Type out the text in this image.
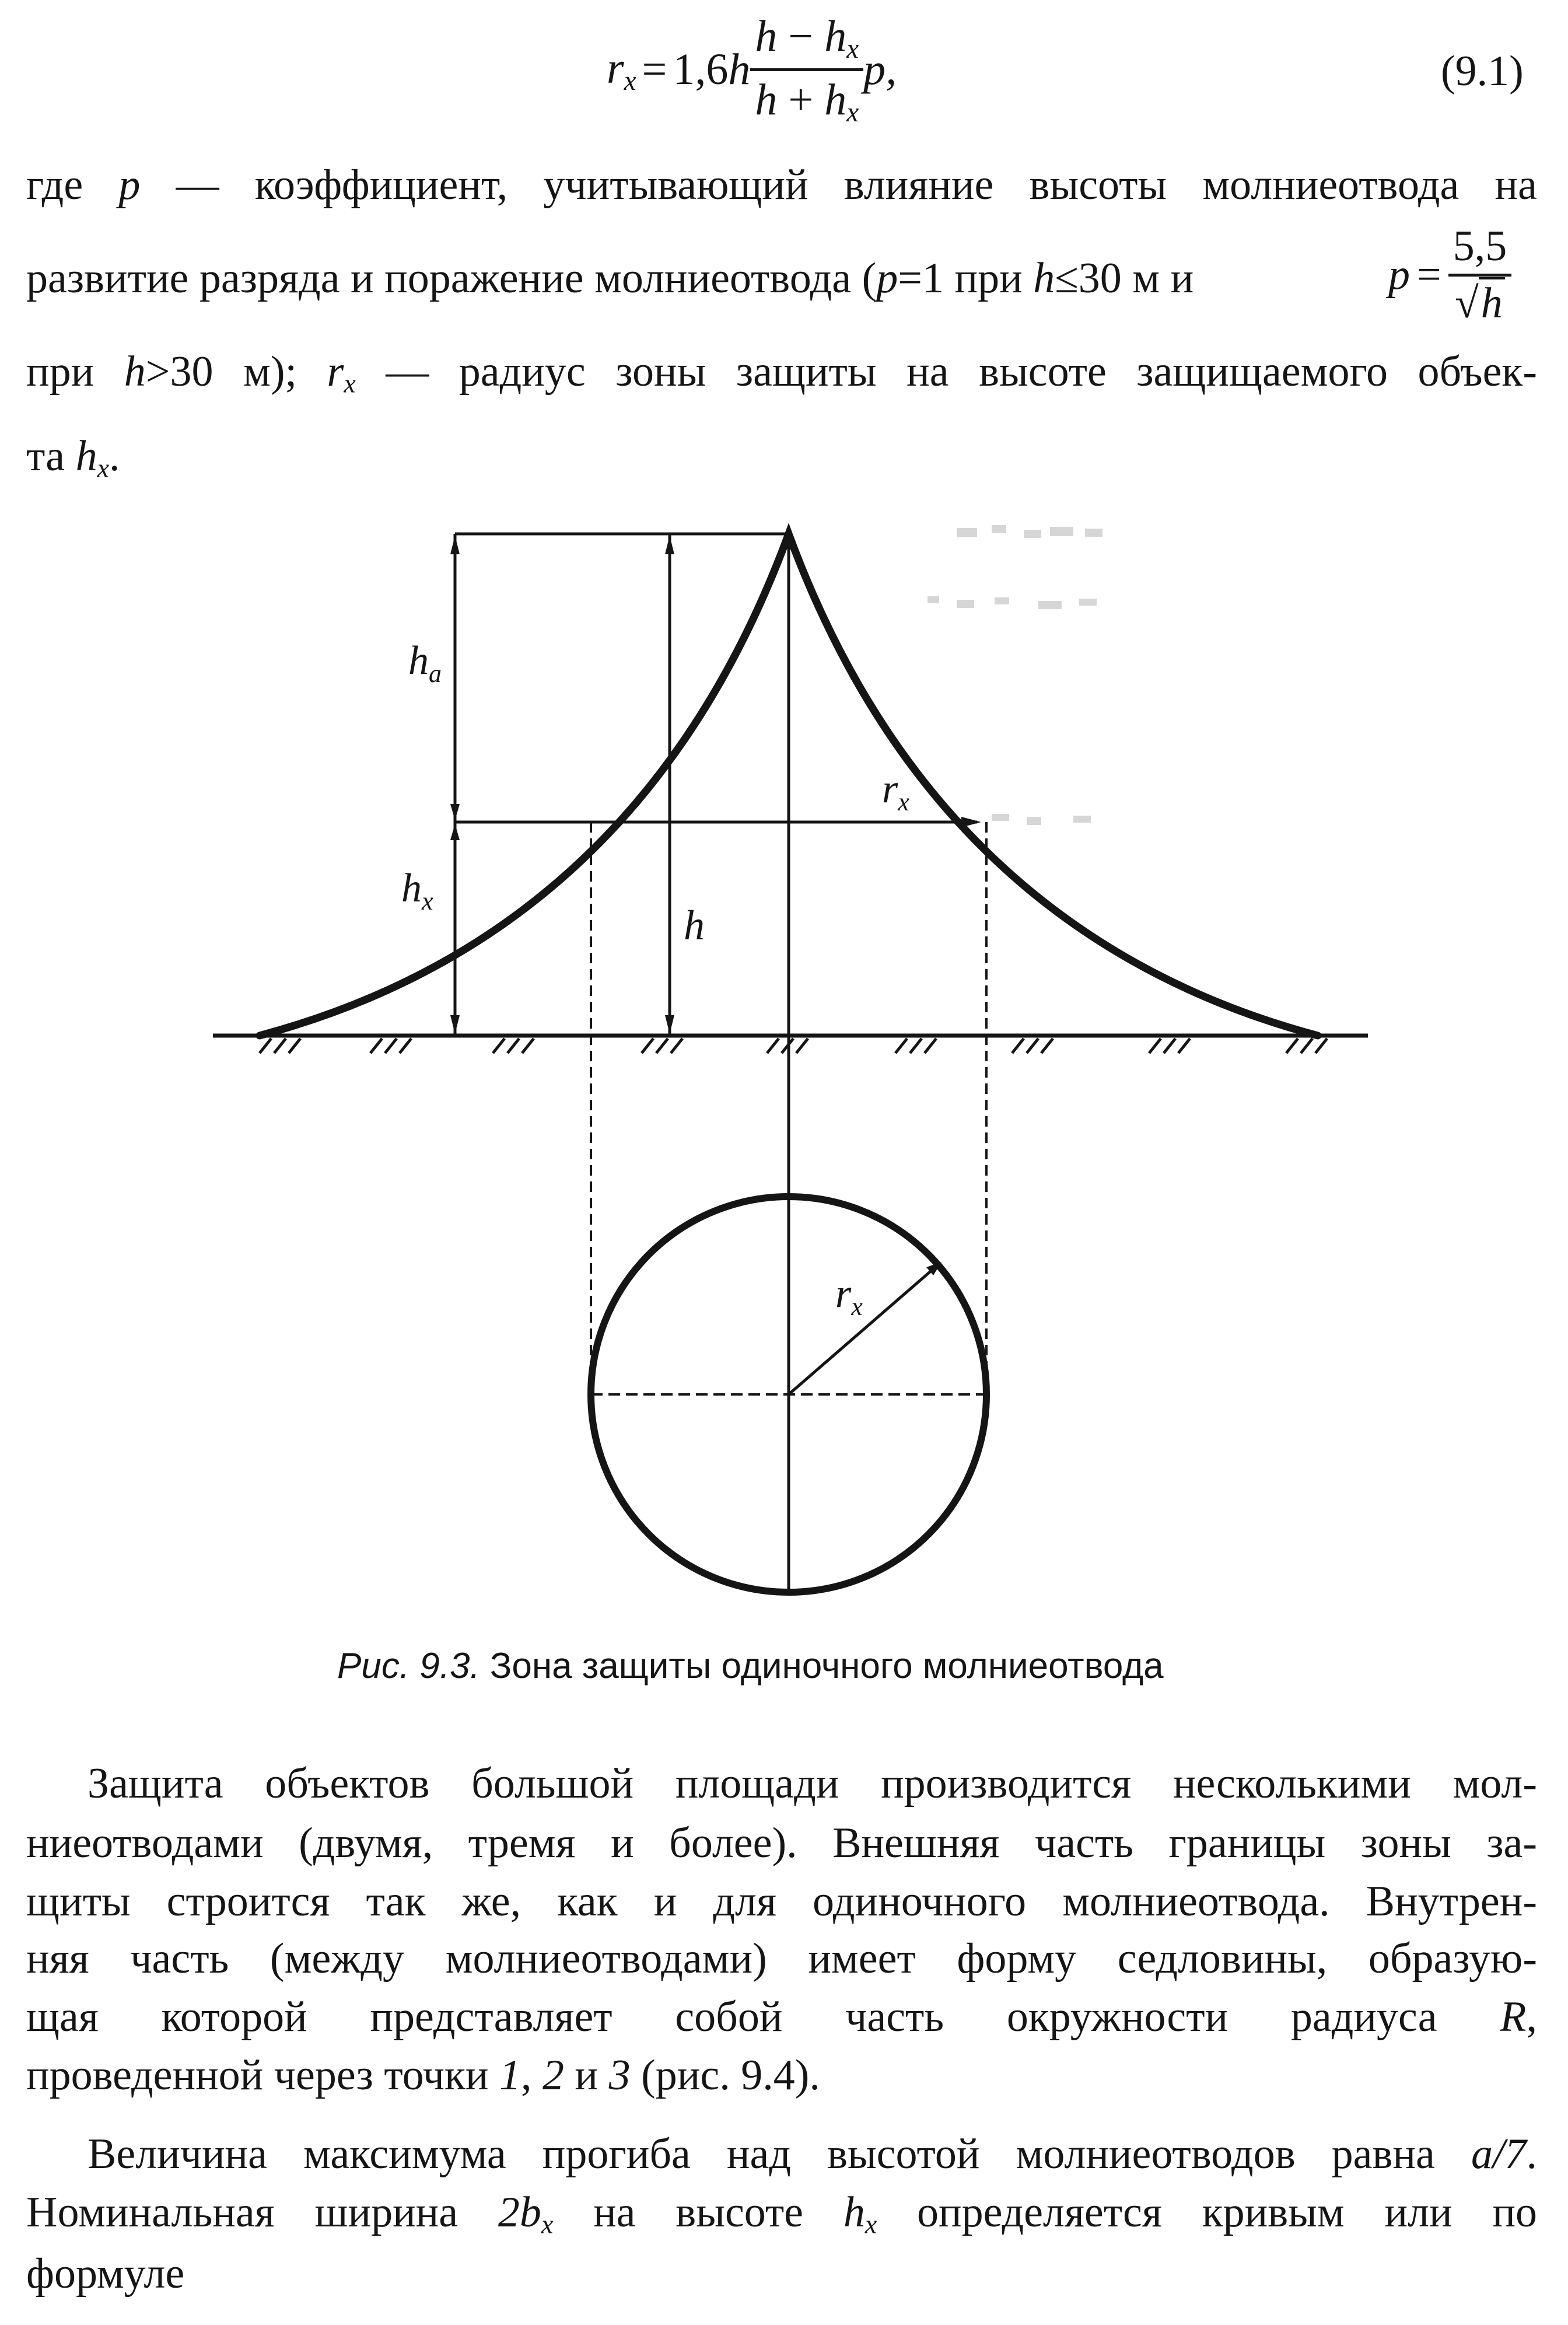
$r_x = 1,6$ h $\frac{h - h_x}{h + h_x} p$,	(9.1)
где p — коэффициент, учитывающий влияние высоты молниеотвода на
развитие разряда и поражение молниеотвода (p=1 при h≤30 м и	$p = \frac{5,5}{√h}$
при h>30 м); $r_x$ — радиус зоны защиты на высоте защищаемого объек-
та $h_x$.
$h_a$
$h_x$
h
$r_x$
$r_x$
Рис. 9.3. Зона защиты одиночного молниеотвода
Защита объектов большой площади производится несколькими мол-
ниеотводами (двумя, тремя и более). Внешняя часть границы зоны за-
щиты строится так же, как и для одиночного молниеотвода. Внутрен-
няя часть (между молниеотводами) имеет форму седловины, образую-
щая которой представляет собой часть окружности радиуса R,
проведенной через точки 1, 2 и 3 (рис. 9.4).
Величина максимума прогиба над высотой молниеотводов равна a/7.
Номинальная ширина $2b_x$ на высоте $h_x$ определяется кривым или по
формуле
